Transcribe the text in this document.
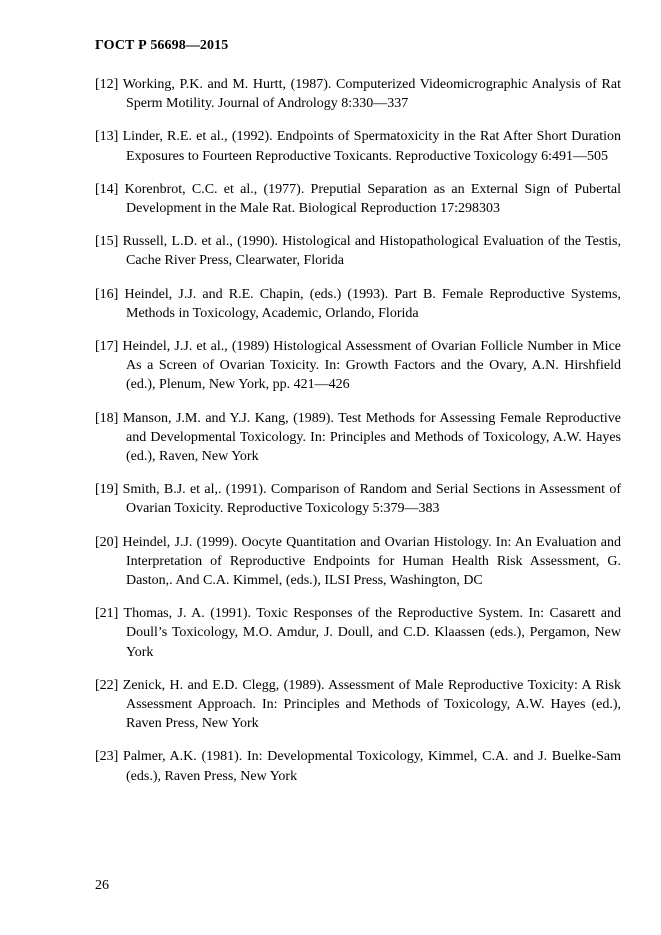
ГОСТ Р 56698—2015
[12] Working, P.K. and M. Hurtt, (1987). Computerized Videomicrographic Analysis of Rat Sperm Motility. Journal of Andrology 8:330—337
[13] Linder, R.E. et al., (1992). Endpoints of Spermatoxicity in the Rat After Short Duration Exposures to Fourteen Reproductive Toxicants. Reproductive Toxicology 6:491—505
[14] Korenbrot, C.C. et al., (1977). Preputial Separation as an External Sign of Pubertal Development in the Male Rat. Biological Reproduction 17:298303
[15] Russell, L.D. et al., (1990). Histological and Histopathological Evaluation of the Testis, Cache River Press, Clearwater, Florida
[16] Heindel, J.J. and R.E. Chapin, (eds.) (1993). Part B. Female Reproductive Systems, Methods in Toxicology, Academic, Orlando, Florida
[17] Heindel, J.J. et al., (1989) Histological Assessment of Ovarian Follicle Number in Mice As a Screen of Ovarian Toxicity. In: Growth Factors and the Ovary, A.N. Hirshfield (ed.), Plenum, New York, pp. 421—426
[18] Manson, J.M. and Y.J. Kang, (1989). Test Methods for Assessing Female Reproductive and Developmental Toxicology. In: Principles and Methods of Toxicology, A.W. Hayes (ed.), Raven, New York
[19] Smith, B.J. et al,. (1991). Comparison of Random and Serial Sections in Assessment of Ovarian Toxicity. Reproductive Toxicology 5:379—383
[20] Heindel, J.J. (1999). Oocyte Quantitation and Ovarian Histology. In: An Evaluation and Interpretation of Reproductive Endpoints for Human Health Risk Assessment, G. Daston,. And C.A. Kimmel, (eds.), ILSI Press, Washington, DC
[21] Thomas, J. A. (1991). Toxic Responses of the Reproductive System. In: Casarett and Doull’s Toxicology, M.O. Amdur, J. Doull, and C.D. Klaassen (eds.), Pergamon, New York
[22] Zenick, H. and E.D. Clegg, (1989). Assessment of Male Reproductive Toxicity: A Risk Assessment Approach. In: Principles and Methods of Toxicology, A.W. Hayes (ed.), Raven Press, New York
[23] Palmer, A.K. (1981). In: Developmental Toxicology, Kimmel, C.A. and J. Buelke-Sam (eds.), Raven Press, New York
26
